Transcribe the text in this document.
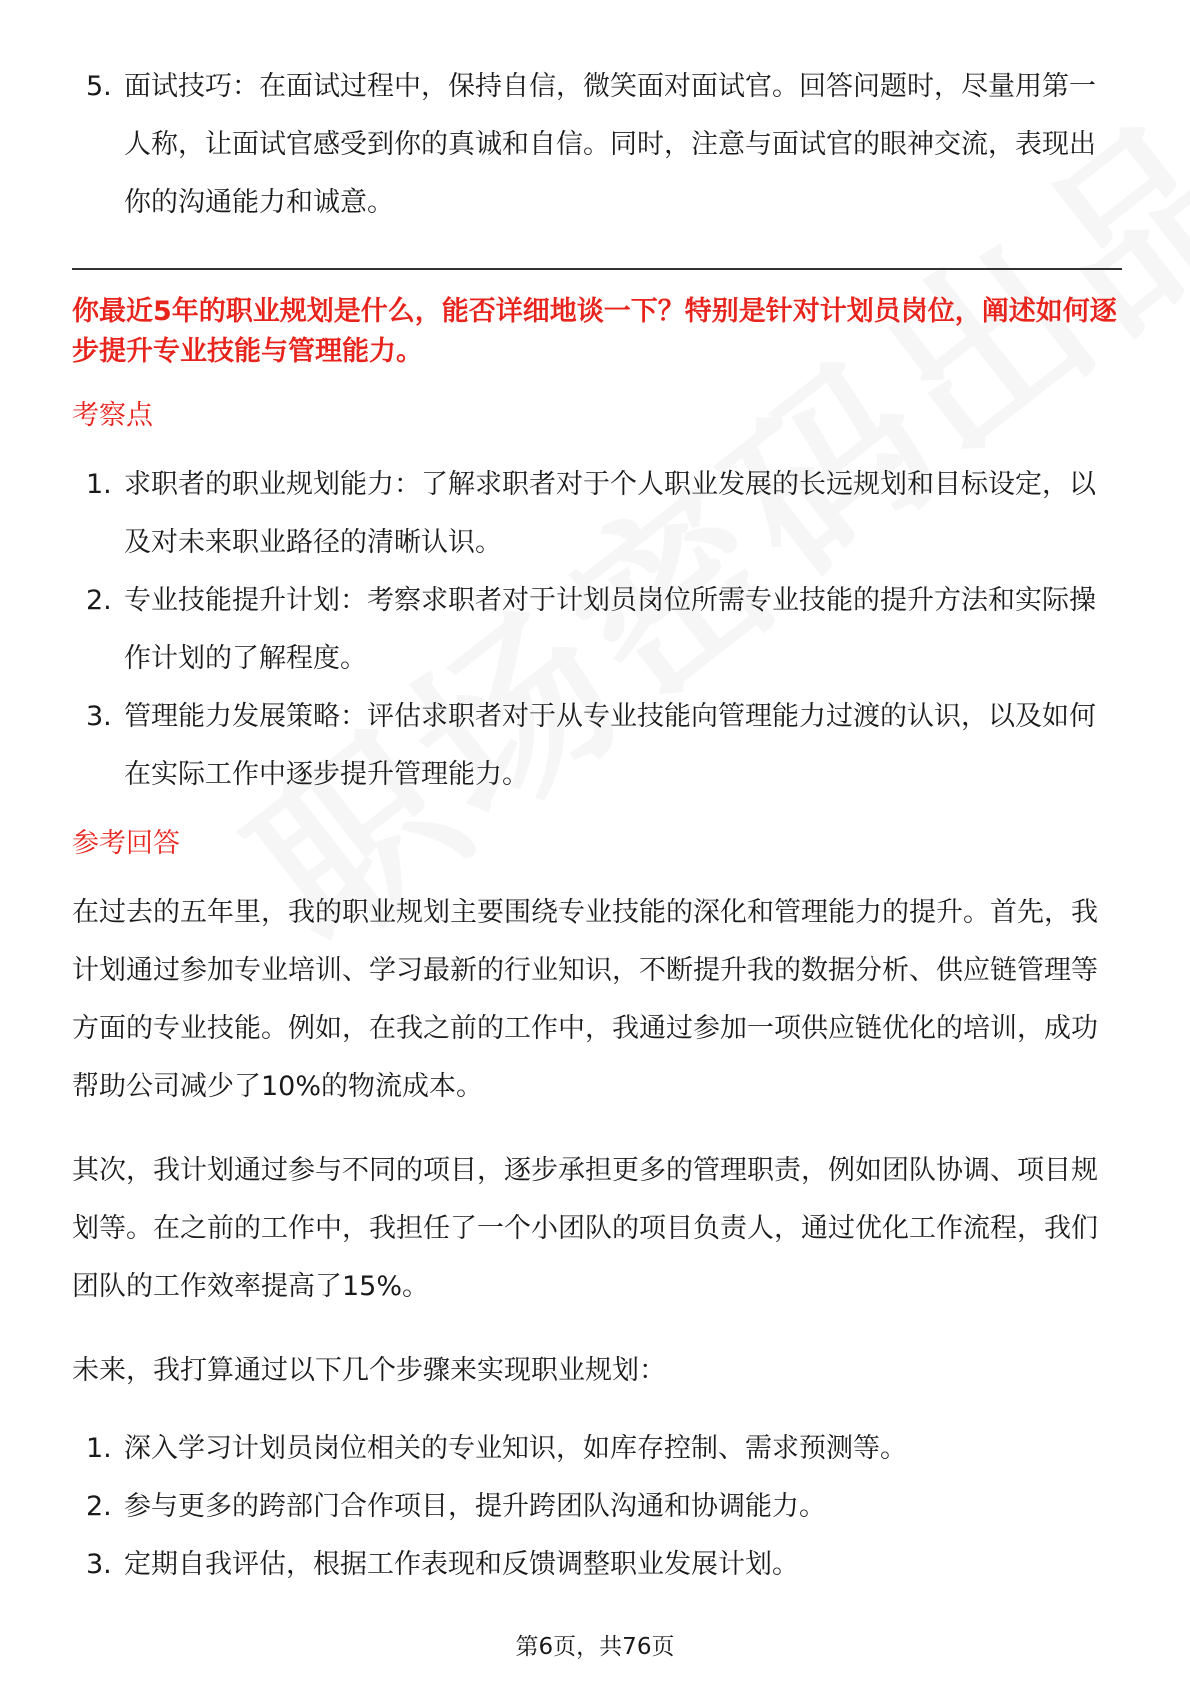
5. 面试技巧：在面试过程中，保持自信，微笑面对面试官。回答问题时，尽量用第一人称，让面试官感受到你的真诚和自信。同时，注意与面试官的眼神交流，表现出你的沟通能力和诚意。

你最近5年的职业规划是什么，能否详细地谈一下？特别是针对计划员岗位，阐述如何逐步提升专业技能与管理能力。

考察点

1. 求职者的职业规划能力：了解求职者对于个人职业发展的长远规划和目标设定，以及对未来职业路径的清晰认识。
2. 专业技能提升计划：考察求职者对于计划员岗位所需专业技能的提升方法和实际操作计划的了解程度。
3. 管理能力发展策略：评估求职者对于从专业技能向管理能力过渡的认识，以及如何在实际工作中逐步提升管理能力。

参考回答

在过去的五年里，我的职业规划主要围绕专业技能的深化和管理能力的提升。首先，我计划通过参加专业培训、学习最新的行业知识，不断提升我的数据分析、供应链管理等方面的专业技能。例如，在我之前的工作中，我通过参加一项供应链优化的培训，成功帮助公司减少了10%的物流成本。

其次，我计划通过参与不同的项目，逐步承担更多的管理职责，例如团队协调、项目规划等。在之前的工作中，我担任了一个小团队的项目负责人，通过优化工作流程，我们团队的工作效率提高了15%。

未来，我打算通过以下几个步骤来实现职业规划：

1. 深入学习计划员岗位相关的专业知识，如库存控制、需求预测等。
2. 参与更多的跨部门合作项目，提升跨团队沟通和协调能力。
3. 定期自我评估，根据工作表现和反馈调整职业发展计划。
第6页，共76页
